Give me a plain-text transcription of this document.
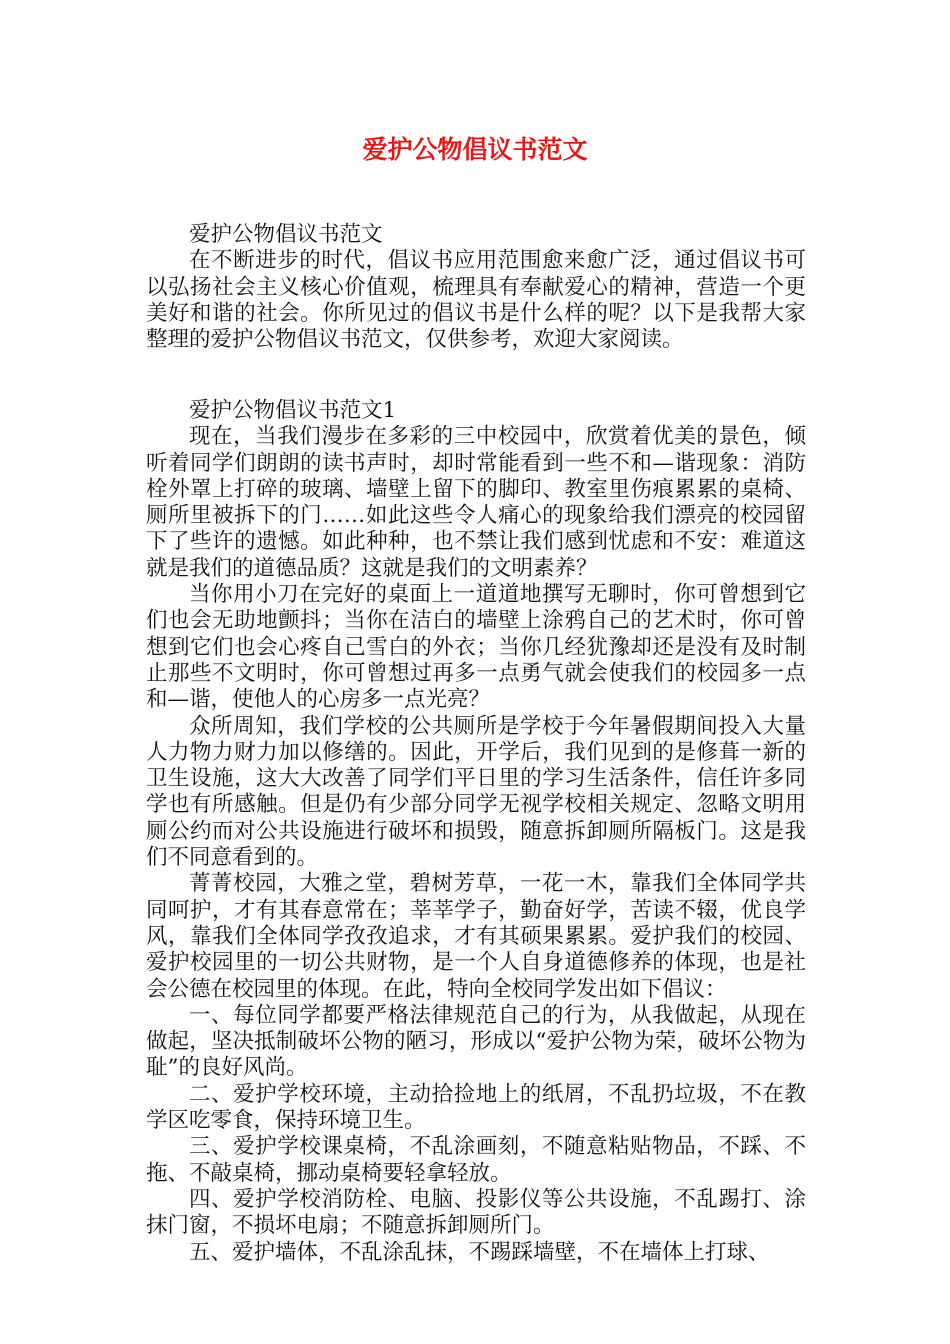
爱护公物倡议书范文

爱护公物倡议书范文

在不断进步的时代，倡议书应用范围愈来愈广泛，通过倡议书可以弘扬社会主义核心价值观，梳理具有奉献爱心的精神，营造一个更美好和谐的社会。你所见过的倡议书是什么样的呢？以下是我帮大家整理的爱护公物倡议书范文，仅供参考，欢迎大家阅读。

爱护公物倡议书范文1

现在，当我们漫步在多彩的三中校园中，欣赏着优美的景色，倾听着同学们朗朗的读书声时，却时常能看到一些不和—谐现象：消防栓外罩上打碎的玻璃、墙壁上留下的脚印、教室里伤痕累累的桌椅、厕所里被拆下的门……如此这些令人痛心的现象给我们漂亮的校园留下了些许的遗憾。如此种种，也不禁让我们感到忧虑和不安：难道这就是我们的道德品质？这就是我们的文明素养？

当你用小刀在完好的桌面上一道道地撰写无聊时，你可曾想到它们也会无助地颤抖；当你在洁白的墙壁上涂鸦自己的艺术时，你可曾想到它们也会心疼自己雪白的外衣；当你几经犹豫却还是没有及时制止那些不文明时，你可曾想过再多一点勇气就会使我们的校园多一点和—谐，使他人的心房多一点光亮？

众所周知，我们学校的公共厕所是学校于今年暑假期间投入大量人力物力财力加以修缮的。因此，开学后，我们见到的是修葺一新的卫生设施，这大大改善了同学们平日里的学习生活条件，信任许多同学也有所感触。但是仍有少部分同学无视学校相关规定、忽略文明用厕公约而对公共设施进行破坏和损毁，随意拆卸厕所隔板门。这是我们不同意看到的。

菁菁校园，大雅之堂，碧树芳草，一花一木，靠我们全体同学共同呵护，才有其春意常在；莘莘学子，勤奋好学，苦读不辍，优良学风，靠我们全体同学孜孜追求，才有其硕果累累。爱护我们的校园、爱护校园里的一切公共财物，是一个人自身道德修养的体现，也是社会公德在校园里的体现。在此，特向全校同学发出如下倡议：

一、每位同学都要严格法律规范自己的行为，从我做起，从现在做起，坚决抵制破坏公物的陋习，形成以“爱护公物为荣，破坏公物为耻”的良好风尚。

二、爱护学校环境，主动拾捡地上的纸屑，不乱扔垃圾，不在教学区吃零食，保持环境卫生。

三、爱护学校课桌椅，不乱涂画刻，不随意粘贴物品，不踩、不拖、不敲桌椅，挪动桌椅要轻拿轻放。

四、爱护学校消防栓、电脑、投影仪等公共设施，不乱踢打、涂抹门窗，不损坏电扇；不随意拆卸厕所门。

五、爱护墙体，不乱涂乱抹，不踢踩墙壁，不在墙体上打球、
